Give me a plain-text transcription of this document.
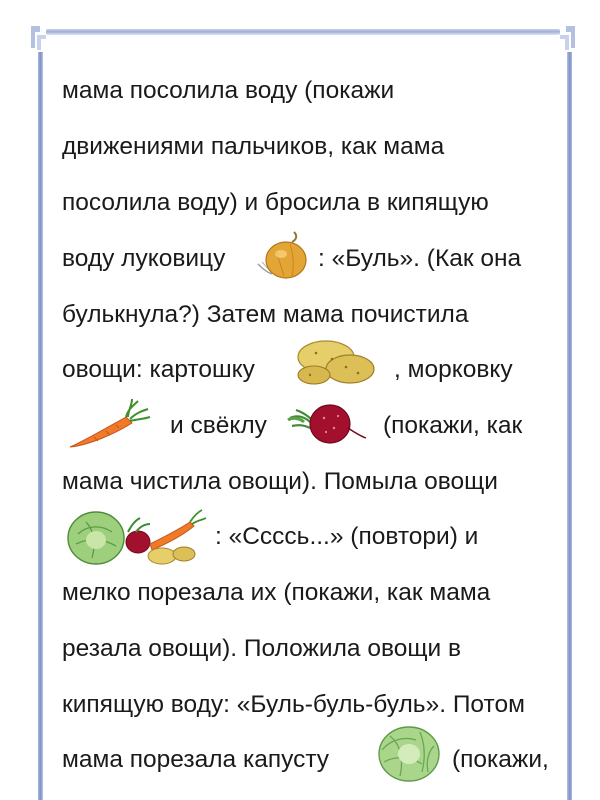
мама посолила воду (покажи

движениями пальчиков, как мама

посолила воду) и бросила в кипящую

воду луковицу	: «Буль». (Как она

булькнула?) Затем мама почистила

овощи: картошку	, морковку

и свёклу	(покажи, как

мама чистила овощи). Помыла овощи

: «Ссссь...» (повтори) и

мелко порезала их (покажи, как мама

резала овощи). Положила овощи в

кипящую воду: «Буль-буль-буль». Потом

мама порезала капусту	(покажи,
